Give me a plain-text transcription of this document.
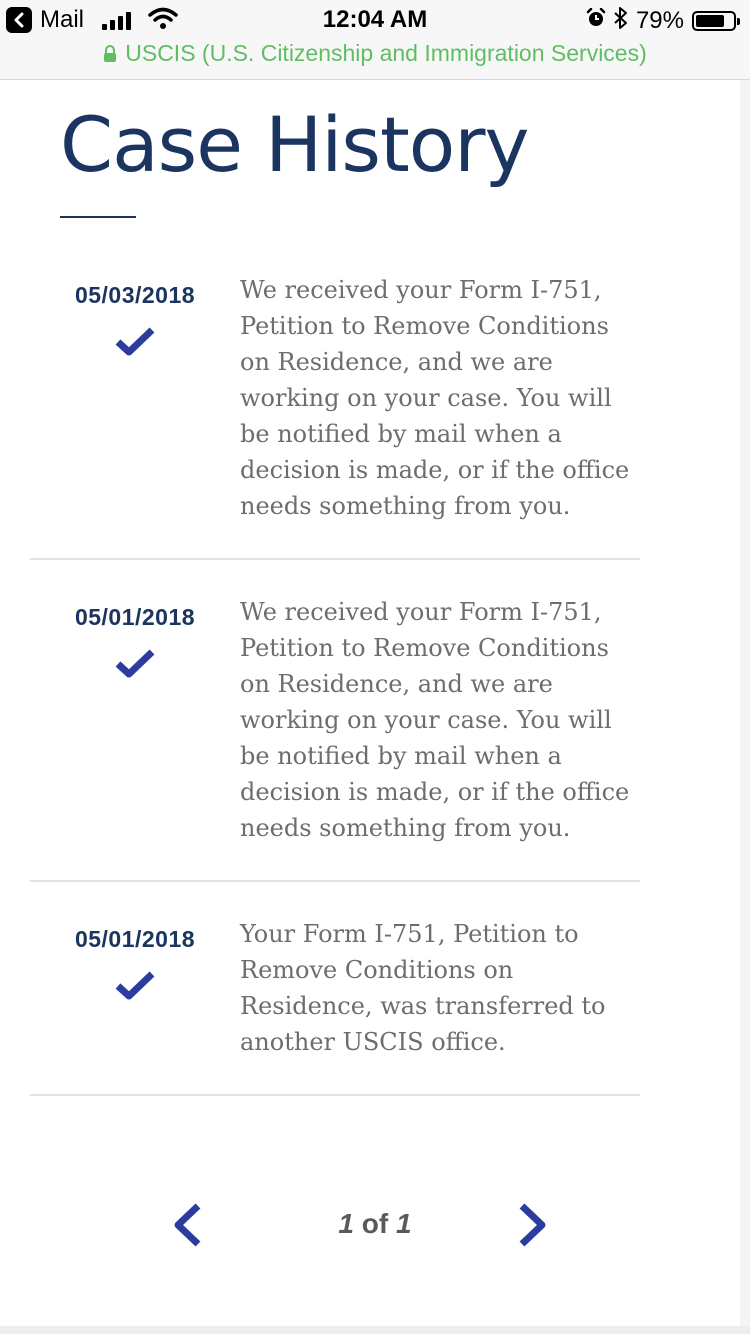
Mail	12:04 AM	79%
USCIS (U.S. Citizenship and Immigration Services)
Case History
05/03/2018	We received your Form I-751, Petition to Remove Conditions on Residence, and we are working on your case. You will be notified by mail when a decision is made, or if the office needs something from you.

05/01/2018	We received your Form I-751, Petition to Remove Conditions on Residence, and we are working on your case. You will be notified by mail when a decision is made, or if the office needs something from you.

05/01/2018	Your Form I-751, Petition to Remove Conditions on Residence, was transferred to another USCIS office.

1 of 1
